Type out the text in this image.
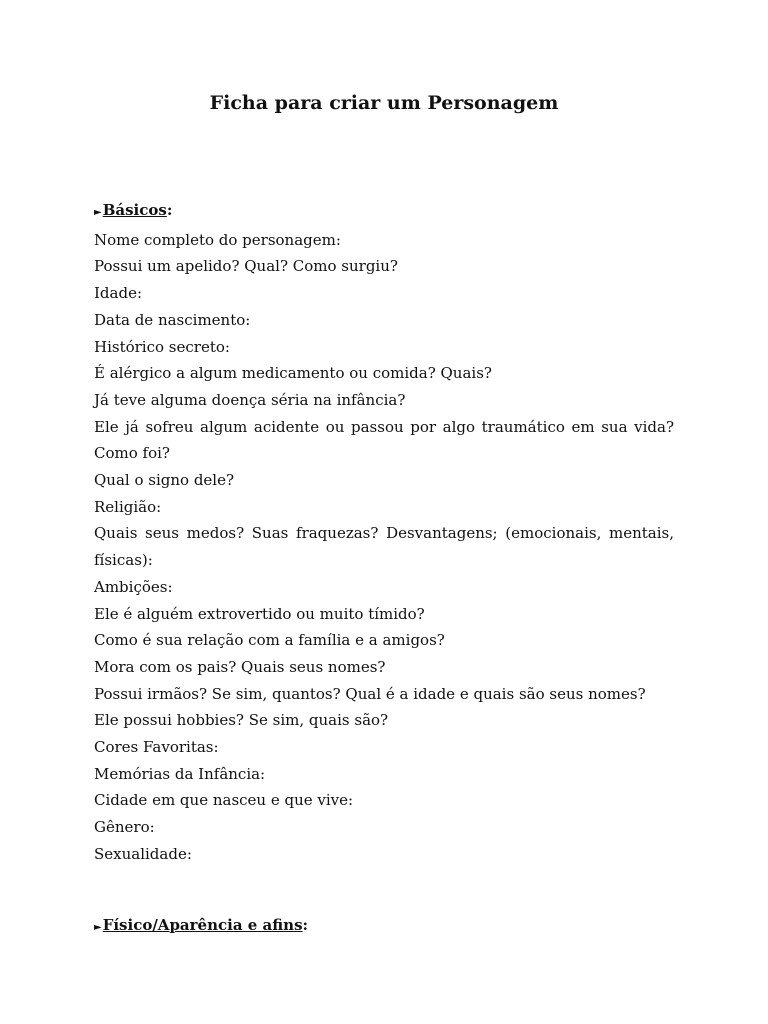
Ficha para criar um Personagem

►Básicos:

Nome completo do personagem:
Possui um apelido? Qual? Como surgiu?
Idade:
Data de nascimento:
Histórico secreto:
É alérgico a algum medicamento ou comida? Quais?
Já teve alguma doença séria na infância?
Ele já sofreu algum acidente ou passou por algo traumático em sua vida? Como foi?
Qual o signo dele?
Religião:
Quais seus medos? Suas fraquezas? Desvantagens; (emocionais, mentais, físicas):
Ambições:
Ele é alguém extrovertido ou muito tímido?
Como é sua relação com a família e a amigos?
Mora com os pais? Quais seus nomes?
Possui irmãos? Se sim, quantos? Qual é a idade e quais são seus nomes?
Ele possui hobbies? Se sim, quais são?
Cores Favoritas:
Memórias da Infância:
Cidade em que nasceu e que vive:
Gênero:
Sexualidade:

►Físico/Aparência e afins:
